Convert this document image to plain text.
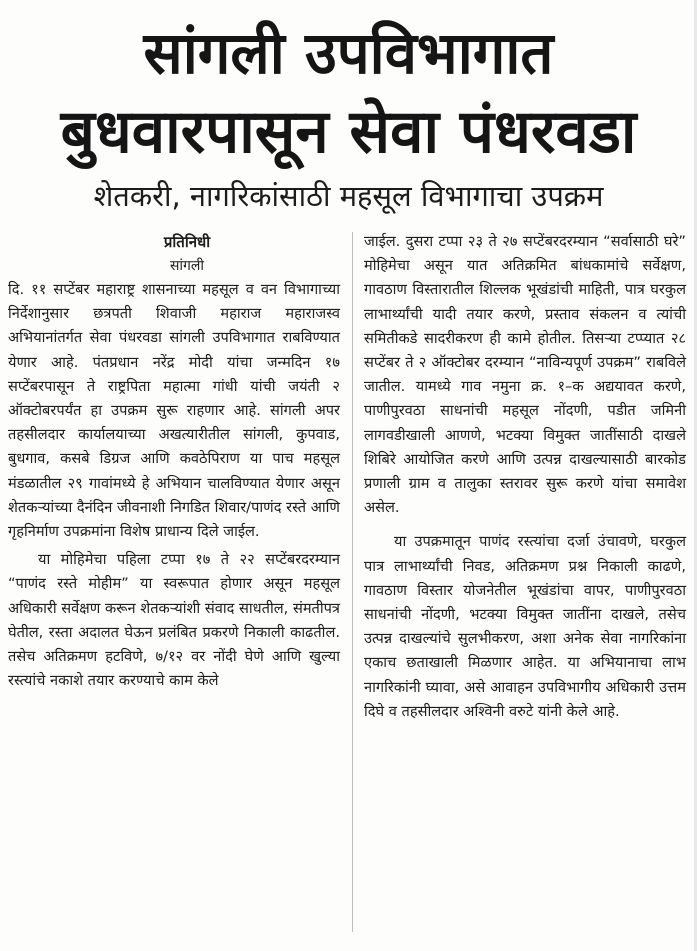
सांगली उपविभागात
बुधवारपासून सेवा पंधरवडा
शेतकरी, नागरिकांसाठी महसूल विभागाचा उपक्रम
प्रतिनिधी
सांगली

दि. ११ सप्टेंबर महाराष्ट्र शासनाच्या महसूल व वन विभागाच्या निर्देशानुसार छत्रपती शिवाजी महाराज महाराजस्व अभियानांतर्गत सेवा पंधरवडा सांगली उपविभागात राबविण्यात येणार आहे. पंतप्रधान नरेंद्र मोदी यांचा जन्मदिन १७ सप्टेंबरपासून ते राष्ट्रपिता महात्मा गांधी यांची जयंती २ ऑक्टोबरपर्यंत हा उपक्रम सुरू राहणार आहे. सांगली अपर तहसीलदार कार्यालयाच्या अखत्यारीतील सांगली, कुपवाड, बुधगाव, कसबे डिग्रज आणि कवठेपिराण या पाच महसूल मंडळातील २९ गावांमध्ये हे अभियान चालविण्यात येणार असून शेतकऱ्यांच्या दैनंदिन जीवनाशी निगडित शिवार/पाणंद रस्ते आणि गृहनिर्माण उपक्रमांना विशेष प्राधान्य दिले जाईल.

या मोहिमेचा पहिला टप्पा १७ ते २२ सप्टेंबरदरम्यान “पाणंद रस्ते मोहीम” या स्वरूपात होणार असून महसूल अधिकारी सर्वेक्षण करून शेतकऱ्यांशी संवाद साधतील, संमतीपत्र घेतील, रस्ता अदालत घेऊन प्रलंबित प्रकरणे निकाली काढतील. तसेच अतिक्रमण हटविणे, ७/१२ वर नोंदी घेणे आणि खुल्या रस्त्यांचे नकाशे तयार करण्याचे काम केले

जाईल. दुसरा टप्पा २३ ते २७ सप्टेंबरदरम्यान “सर्वासाठी घरे” मोहिमेचा असून यात अतिक्रमित बांधकामांचे सर्वेक्षण, गावठाण विस्तारातील शिल्लक भूखंडांची माहिती, पात्र घरकुल लाभार्थ्यांची यादी तयार करणे, प्रस्ताव संकलन व त्यांची समितीकडे सादरीकरण ही कामे होतील. तिसऱ्या टप्प्यात २८ सप्टेंबर ते २ ऑक्टोबर दरम्यान “नाविन्यपूर्ण उपक्रम” राबविले जातील. यामध्ये गाव नमुना क्र. १–क अद्ययावत करणे, पाणीपुरवठा साधनांची महसूल नोंदणी, पडीत जमिनी लागवडीखाली आणणे, भटक्या विमुक्त जातींसाठी दाखले शिबिरे आयोजित करणे आणि उत्पन्न दाखल्यासाठी बारकोड प्रणाली ग्राम व तालुका स्तरावर सुरू करणे यांचा समावेश असेल.

या उपक्रमातून पाणंद रस्त्यांचा दर्जा उंचावणे, घरकुल पात्र लाभार्थ्यांची निवड, अतिक्रमण प्रश्न निकाली काढणे, गावठाण विस्तार योजनेतील भूखंडांचा वापर, पाणीपुरवठा साधनांची नोंदणी, भटक्या विमुक्त जातींना दाखले, तसेच उत्पन्न दाखल्यांचे सुलभीकरण, अशा अनेक सेवा नागरिकांना एकाच छताखाली मिळणार आहेत. या अभियानाचा लाभ नागरिकांनी घ्यावा, असे आवाहन उपविभागीय अधिकारी उत्तम दिघे व तहसीलदार अश्विनी वरुटे यांनी केले आहे.
